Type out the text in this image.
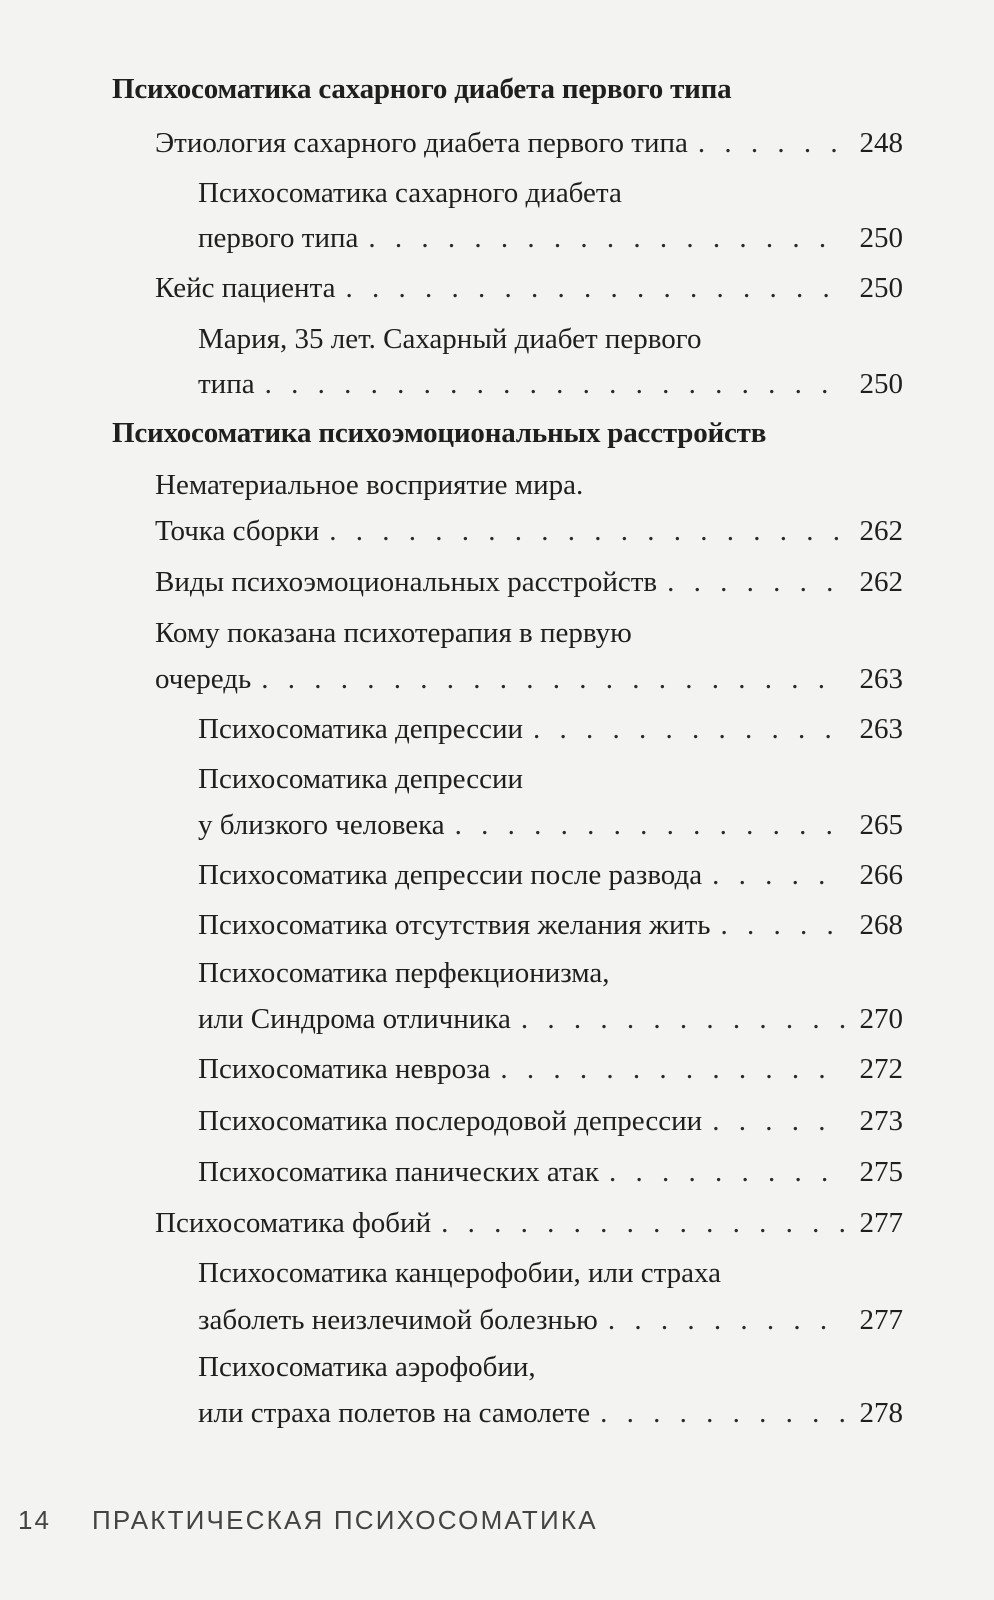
Психосоматика сахарного диабета первого типа
Этиология сахарного диабета первого типа . . .	248
Психосоматика сахарного диабета
первого типа . . .	250
Кейс пациента . . .	250
Мария, 35 лет. Сахарный диабет первого
типа . . .	250
Психосоматика психоэмоциональных расстройств
Нематериальное восприятие мира.
Точка сборки . . .	262
Виды психоэмоциональных расстройств . . .	262
Кому показана психотерапия в первую
очередь . . .	263
Психосоматика депрессии . . .	263
Психосоматика депрессии
у близкого человека . . .	265
Психосоматика депрессии после развода . . .	266
Психосоматика отсутствия желания жить . . .	268
Психосоматика перфекционизма,
или Синдрома отличника . . .	270
Психосоматика невроза . . .	272
Психосоматика послеродовой депрессии . . .	273
Психосоматика панических атак . . .	275
Психосоматика фобий . . .	277
Психосоматика канцерофобии, или страха
заболеть неизлечимой болезнью . . .	277
Психосоматика аэрофобии,
или страха полетов на самолете . . .	278
14 ПРАКТИЧЕСКАЯ ПСИХОСОМАТИКА
